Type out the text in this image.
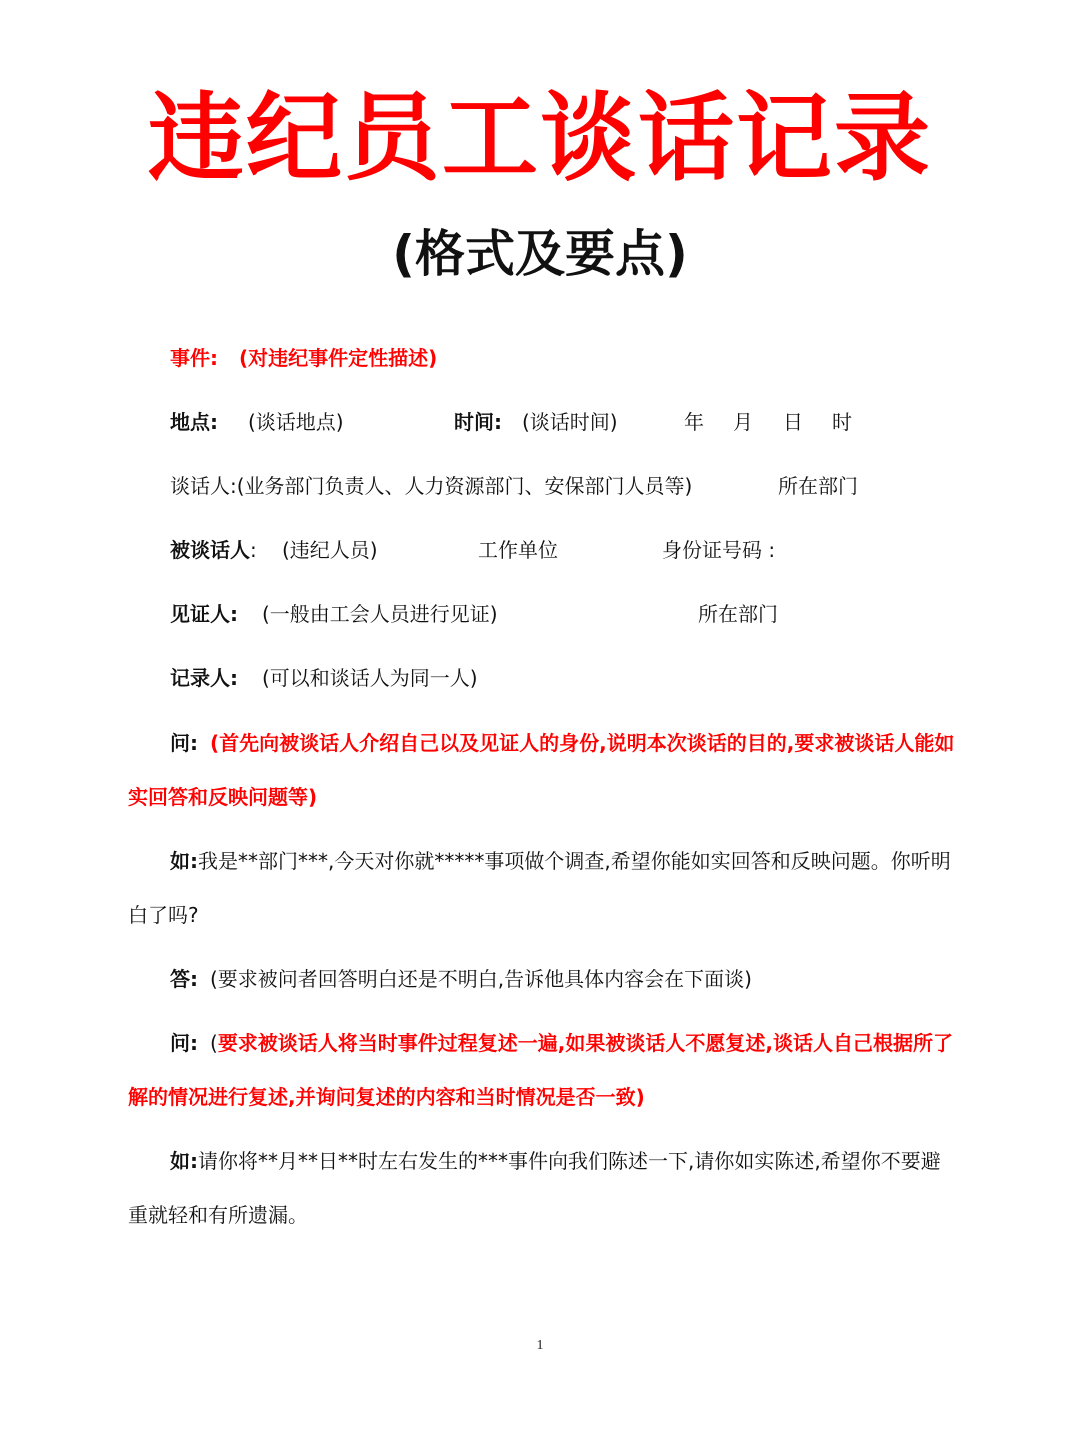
违纪员工谈话记录
(格式及要点)
事件: (对违纪事件定性描述)
地点: (谈话地点)	时间: (谈话时间)	年 月 日 时
谈话人:(业务部门负责人、人力资源部门、安保部门人员等)	所在部门
被谈话人: (违纪人员)	工作单位	身份证号码 :
见证人: (一般由工会人员进行见证)	所在部门
记录人: (可以和谈话人为同一人)
问: (首先向被谈话人介绍自己以及见证人的身份,说明本次谈话的目的,要求被谈话人能如实回答和反映问题等)
如:我是**部门***,今天对你就*****事项做个调查,希望你能如实回答和反映问题。你听明白了吗?
答: (要求被问者回答明白还是不明白,告诉他具体内容会在下面谈)
问: (要求被谈话人将当时事件过程复述一遍,如果被谈话人不愿复述,谈话人自己根据所了解的情况进行复述,并询问复述的内容和当时情况是否一致)
如:请你将**月**日**时左右发生的***事件向我们陈述一下,请你如实陈述,希望你不要避重就轻和有所遗漏。
1
